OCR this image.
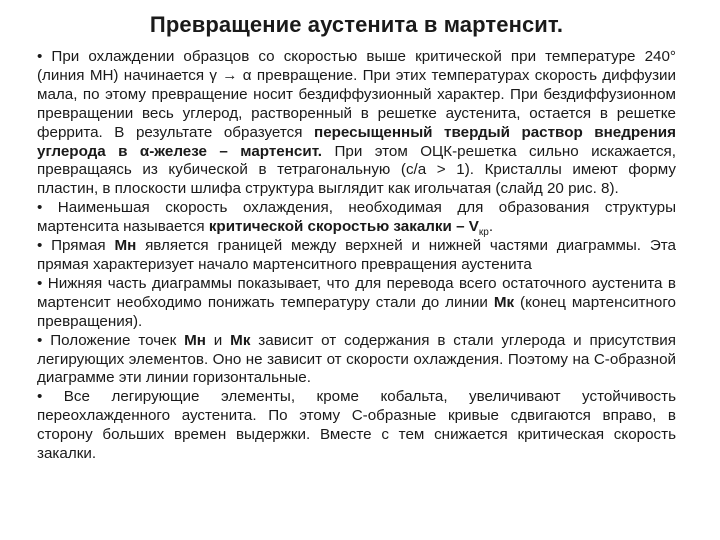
Превращение аустенита в мартенсит.

• При охлаждении образцов со скоростью выше критической при температуре 240° (линия МН) начинается γ → α превращение. При этих температурах скорость диффузии мала, по этому превращение носит бездиффузионный характер. При бездиффузионном превращении весь углерод, растворенный в решетке аустенита, остается в решетке феррита. В результате образуется пересыщенный твердый раствор внедрения углерода в α-железе – мартенсит. При этом ОЦК-решетка сильно искажается, превращаясь из кубической в тетрагональную (с/а > 1). Кристаллы имеют форму пластин, в плоскости шлифа структура выглядит как игольчатая (слайд 20 рис. 8).

• Наименьшая скорость охлаждения, необходимая для образования структуры мартенсита называется критической скоростью закалки – $V_{кр}$.

• Прямая Мн является границей между верхней и нижней частями диаграммы. Эта прямая характеризует начало мартенситного превращения аустенита

• Нижняя часть диаграммы показывает, что для перевода всего остаточного аустенита в мартенсит необходимо понижать температуру стали до линии Мк (конец мартенситного превращения).

• Положение точек Мн и Мк зависит от содержания в стали углерода и присутствия легирующих элементов. Оно не зависит от скорости охлаждения. Поэтому на С-образной диаграмме эти линии горизонтальные.

• Все легирующие элементы, кроме кобальта, увеличивают устойчивость переохлажденного аустенита. По этому С-образные кривые сдвигаются вправо, в сторону больших времен выдержки. Вместе с тем снижается критическая скорость закалки.
